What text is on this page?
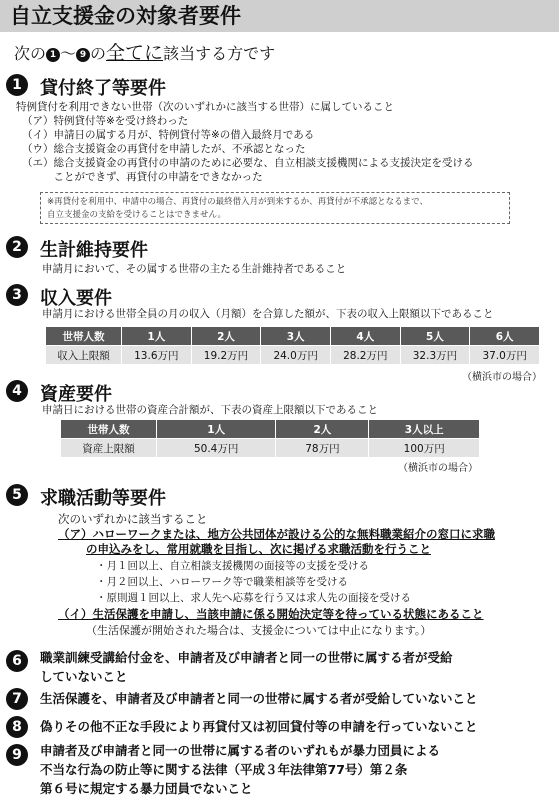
自立支援金の対象者要件
次の 1 〜 9 の全てに該当する方です
1	貸付終了等要件
特例貸付を利用できない世帯（次のいずれかに該当する世帯）に属していること
（ア）特例貸付等※を受け終わった
（イ）申請日の属する月が、特例貸付等※の借入最終月である
（ウ）総合支援資金の再貸付を申請したが、不承認となった
（エ）総合支援資金の再貸付の申請のために必要な、自立相談支援機関による支援決定を受ける
　　　ことができず、再貸付の申請をできなかった
※再貸付を利用中、申請中の場合、再貸付の最終借入月が到来するか、再貸付が不承認となるまで、
自立支援金の支給を受けることはできません。
2	生計維持要件
申請月において、その属する世帯の主たる生計維持者であること
3	収入要件
申請月における世帯全員の月の収入（月額）を合算した額が、下表の収入上限額以下であること
世帯人数	1人	2人	3人	4人	5人	6人
収入上限額	13.6万円	19.2万円	24.0万円	28.2万円	32.3万円	37.0万円
（横浜市の場合）
4	資産要件
申請日における世帯の資産合計額が、下表の資産上限額以下であること
世帯人数	1人	2人	3人以上
資産上限額	50.4万円	78万円	100万円
（横浜市の場合）
5	求職活動等要件
次のいずれかに該当すること
（ア）ハローワークまたは、地方公共団体が設ける公的な無料職業紹介の窓口に求職
の申込みをし、常用就職を目指し、次に掲げる求職活動を行うこと
・月１回以上、自立相談支援機関の面接等の支援を受ける
・月２回以上、ハローワーク等で職業相談等を受ける
・原則週１回以上、求人先へ応募を行う又は求人先の面接を受ける
（イ）生活保護を申請し、当該申請に係る開始決定等を待っている状態にあること
（生活保護が開始された場合は、支援金については中止になります。）
6	職業訓練受講給付金を、申請者及び申請者と同一の世帯に属する者が受給
していないこと
7	生活保護を、申請者及び申請者と同一の世帯に属する者が受給していないこと
8	偽りその他不正な手段により再貸付又は初回貸付等の申請を行っていないこと
9	申請者及び申請者と同一の世帯に属する者のいずれもが暴力団員による
不当な行為の防止等に関する法律（平成３年法律第77号）第２条
第６号に規定する暴力団員でないこと
